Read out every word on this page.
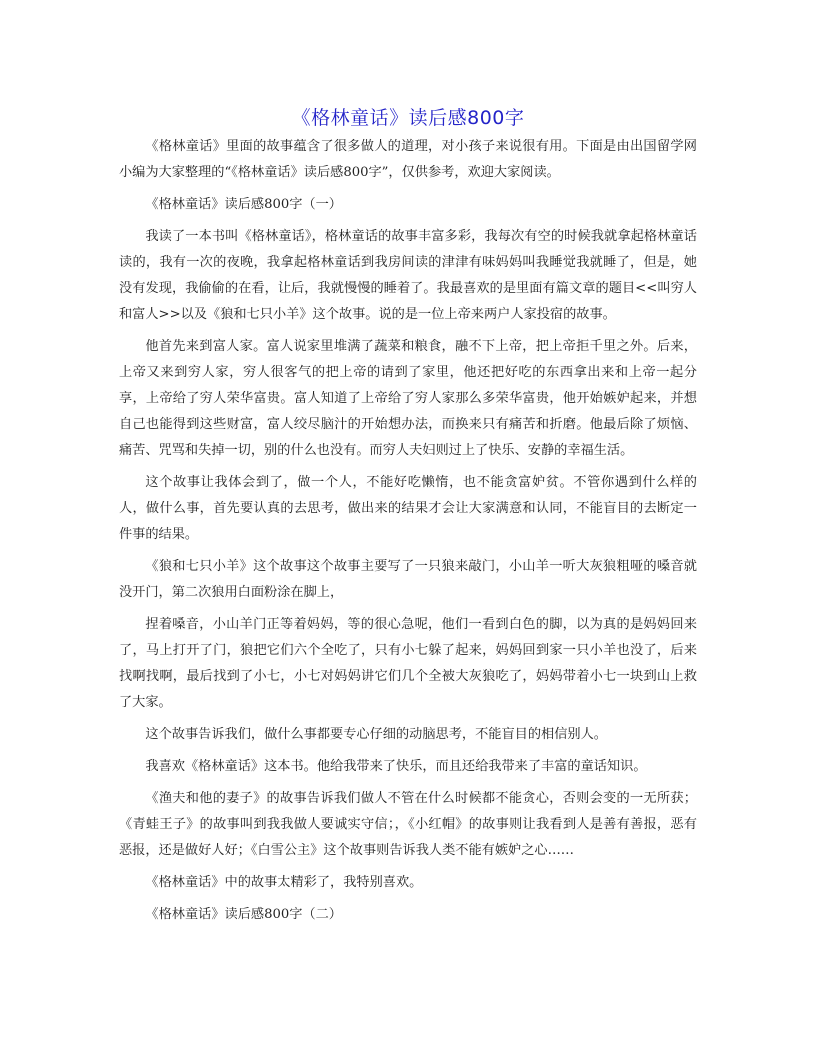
《格林童话》读后感800字

《格林童话》里面的故事蕴含了很多做人的道理，对小孩子来说很有用。下面是由出国留学网小编为大家整理的“《格林童话》读后感800字”，仅供参考，欢迎大家阅读。

《格林童话》读后感800字（一）

我读了一本书叫《格林童话》，格林童话的故事丰富多彩，我每次有空的时候我就拿起格林童话读的，我有一次的夜晚，我拿起格林童话到我房间读的津津有味妈妈叫我睡觉我就睡了，但是，她没有发现，我偷偷的在看，让后，我就慢慢的睡着了。我最喜欢的是里面有篇文章的题目<<叫穷人和富人>>以及《狼和七只小羊》这个故事。说的是一位上帝来两户人家投宿的故事。

他首先来到富人家。富人说家里堆满了蔬菜和粮食，融不下上帝，把上帝拒千里之外。后来，上帝又来到穷人家，穷人很客气的把上帝的请到了家里，他还把好吃的东西拿出来和上帝一起分享，上帝给了穷人荣华富贵。富人知道了上帝给了穷人家那么多荣华富贵，他开始嫉妒起来，并想自己也能得到这些财富，富人绞尽脑汁的开始想办法，而换来只有痛苦和折磨。他最后除了烦恼、痛苦、咒骂和失掉一切，别的什么也没有。而穷人夫妇则过上了快乐、安静的幸福生活。

这个故事让我体会到了，做一个人，不能好吃懒惰，也不能贪富妒贫。不管你遇到什么样的人，做什么事，首先要认真的去思考，做出来的结果才会让大家满意和认同，不能盲目的去断定一件事的结果。

《狼和七只小羊》这个故事这个故事主要写了一只狼来敲门，小山羊一听大灰狼粗哑的嗓音就没开门，第二次狼用白面粉涂在脚上，

捏着嗓音，小山羊门正等着妈妈，等的很心急呢，他们一看到白色的脚，以为真的是妈妈回来了，马上打开了门，狼把它们六个全吃了，只有小七躲了起来，妈妈回到家一只小羊也没了，后来找啊找啊，最后找到了小七，小七对妈妈讲它们几个全被大灰狼吃了，妈妈带着小七一块到山上救了大家。

这个故事告诉我们，做什么事都要专心仔细的动脑思考，不能盲目的相信别人。

我喜欢《格林童话》这本书。他给我带来了快乐，而且还给我带来了丰富的童话知识。

《渔夫和他的妻子》的故事告诉我们做人不管在什么时候都不能贪心，否则会变的一无所获；《青蛙王子》的故事叫到我我做人要诚实守信；，《小红帽》的故事则让我看到人是善有善报，恶有恶报，还是做好人好；《白雪公主》这个故事则告诉我人类不能有嫉妒之心……

《格林童话》中的故事太精彩了，我特别喜欢。

《格林童话》读后感800字（二）
